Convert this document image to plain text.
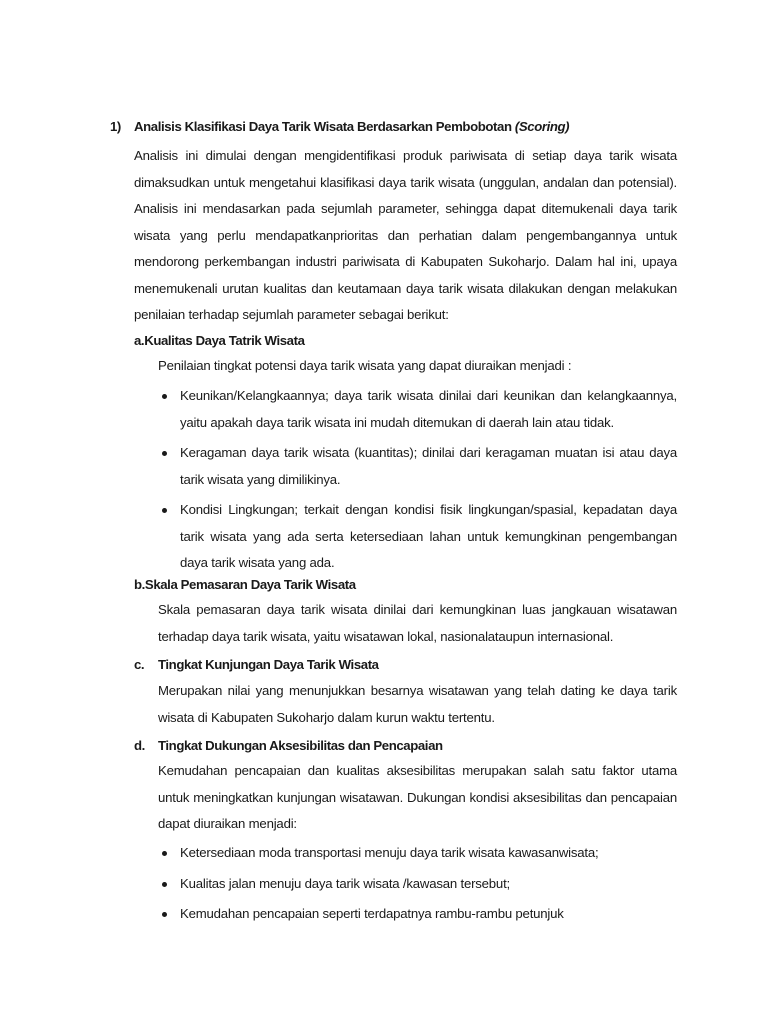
1) Analisis Klasifikasi Daya Tarik Wisata Berdasarkan Pembobotan (Scoring)
Analisis ini dimulai dengan mengidentifikasi produk pariwisata di setiap daya tarik wisata dimaksudkan untuk mengetahui klasifikasi daya tarik wisata (unggulan, andalan dan potensial). Analisis ini mendasarkan pada sejumlah parameter, sehingga dapat ditemukenali daya tarik wisata yang perlu mendapatkanprioritas dan perhatian dalam pengembangannya untuk mendorong perkembangan industri pariwisata di Kabupaten Sukoharjo. Dalam hal ini, upaya menemukenali urutan kualitas dan keutamaan daya tarik wisata dilakukan dengan melakukan penilaian terhadap sejumlah parameter sebagai berikut:
a.Kualitas Daya Tatrik Wisata
Penilaian tingkat potensi daya tarik wisata yang dapat diuraikan menjadi :
Keunikan/Kelangkaannya; daya tarik wisata dinilai dari keunikan dan kelangkaannya, yaitu apakah daya tarik wisata ini mudah ditemukan di daerah lain atau tidak.
Keragaman daya tarik wisata (kuantitas); dinilai dari keragaman muatan isi atau daya tarik wisata yang dimilikinya.
Kondisi Lingkungan; terkait dengan kondisi fisik lingkungan/spasial, kepadatan daya tarik wisata yang ada serta ketersediaan lahan untuk kemungkinan pengembangan daya tarik wisata yang ada.
b.Skala Pemasaran Daya Tarik Wisata
Skala pemasaran daya tarik wisata dinilai dari kemungkinan luas jangkauan wisatawan terhadap daya tarik wisata, yaitu wisatawan lokal, nasionalataupun internasional.
c. Tingkat Kunjungan Daya Tarik Wisata
Merupakan nilai yang menunjukkan besarnya wisatawan yang telah dating ke daya tarik wisata di Kabupaten Sukoharjo dalam kurun waktu tertentu.
d. Tingkat Dukungan Aksesibilitas dan Pencapaian
Kemudahan pencapaian dan kualitas aksesibilitas merupakan salah satu faktor utama untuk meningkatkan kunjungan wisatawan. Dukungan kondisi aksesibilitas dan pencapaian dapat diuraikan menjadi:
Ketersediaan moda transportasi menuju daya tarik wisata kawasanwisata;
Kualitas jalan menuju daya tarik wisata /kawasan tersebut;
Kemudahan pencapaian seperti terdapatnya rambu-rambu petunjuk
